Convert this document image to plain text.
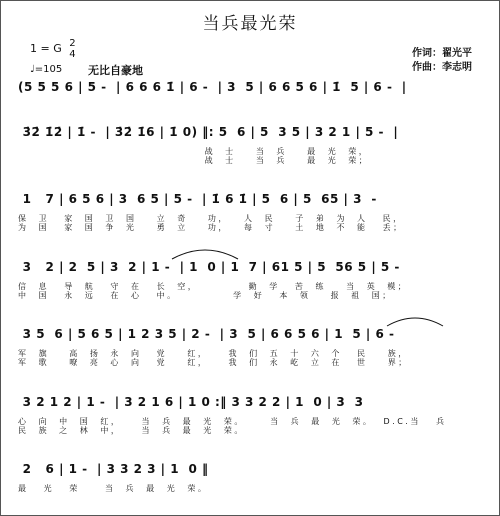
当兵最光荣
1 = G 2
4
♩=105 无比自豪地
作词：翟光平
作曲：李志明
(5 5 5 6 | 5 -  | 6 6 6 1̇ | 6 -  | 3  5 | 6 6 5 6 | 1̇  5 | 6 -  |
3̇2̇ 1̇2̇ | 1̇ -  | 3̇2̇ 1̇6 | 1̇ 0) ‖: 5  6 | 5  3 5 | 3 2 1 | 5 -  |
战  士    当  兵    最  光  荣，
战  士    当  兵    最  光  荣；
1   7 | 6 5 6 | 3  6 5 | 5 -  | 1̇ 6 1̇ | 5  6 | 5  65 | 3  -
保  卫   家  国  卫  国    立  奇    功，   人  民    子  弟  为  人   民，
为  国   家  国  争  光    勇  立    功，   每  寸    土  地  不  能   丢；
3   2 | 2  5 | 3  2 | 1 -  | 1  0 | 1  7 | 61 5 | 5  56 5 | 5 -
信  息   导  航   守  在   长  空，          勤  学   苦  练    当  英  模；
中  国   永  远   在  心   中。           学  好   本  领    报  祖  国；
3 5  6 | 5 6 5 | 1 2 3 5 | 2 -  | 3  5 | 6 6 5 6 | 1  5 | 6 -
军  旗    高  扬  永  向   党    红，    我  们  五  十  六  个   民    族，
军  歌    嘹  亮  心  向   党    红，    我  们  永  屹  立  在   世    界；
3 2 1 2 | 1 -  | 3 2 1 6 | 1 0 :‖ 3 3 2 2 | 1  0 | 3  3
心  向  中  国  红，    当  兵  最  光  荣。     当  兵  最  光  荣。  D.C.当   兵
民  族  之  林  中，    当  兵  最  光  荣。
2   6 | 1 -  | 3 3 2 3 | 1  0 ‖
最   光   荣     当  兵  最  光  荣。
